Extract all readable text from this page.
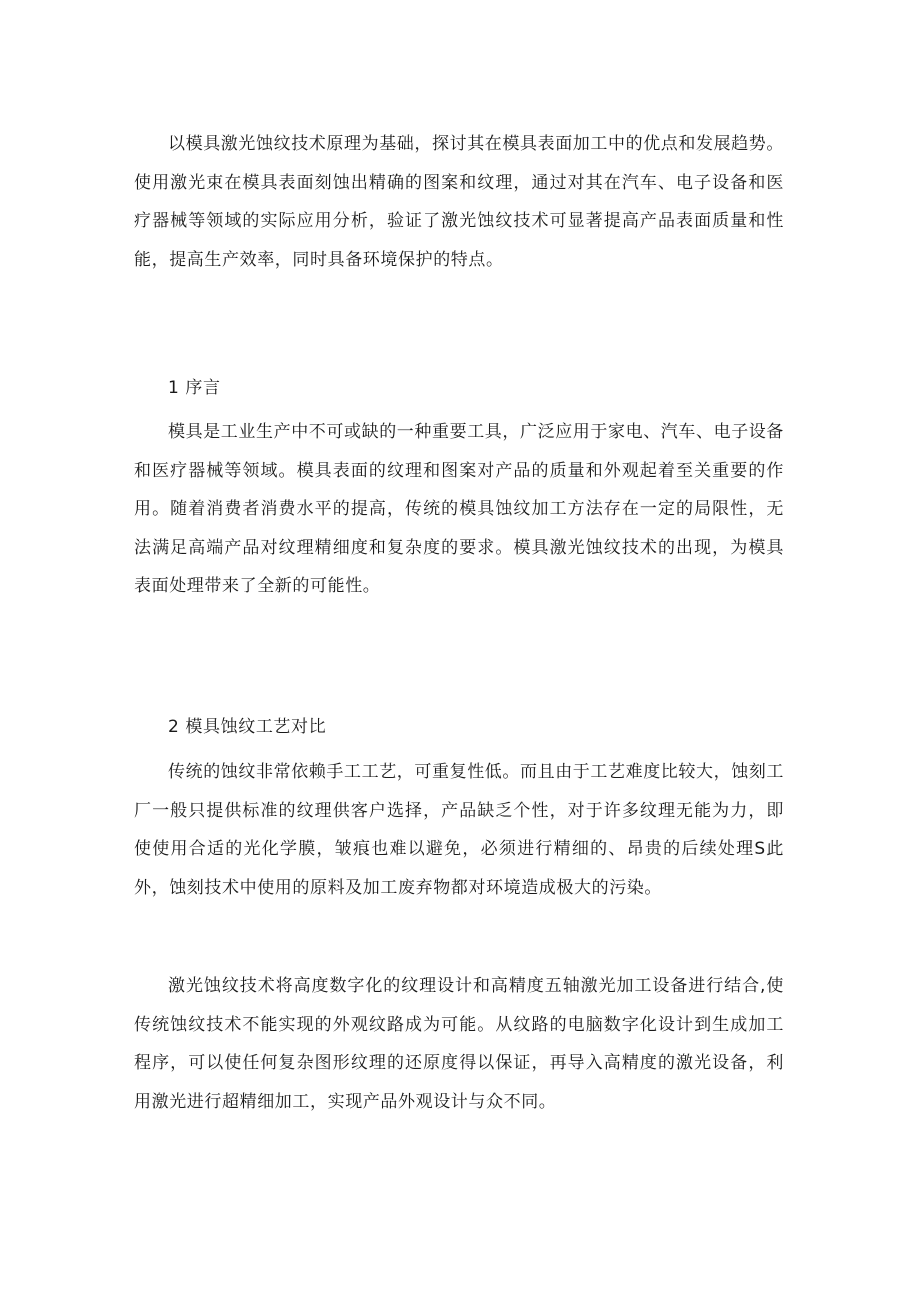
以模具激光蚀纹技术原理为基础，探讨其在模具表面加工中的优点和发展趋势。使用激光束在模具表面刻蚀出精确的图案和纹理，通过对其在汽车、电子设备和医疗器械等领域的实际应用分析，验证了激光蚀纹技术可显著提高产品表面质量和性能，提高生产效率，同时具备环境保护的特点。

1 序言

模具是工业生产中不可或缺的一种重要工具，广泛应用于家电、汽车、电子设备和医疗器械等领域。模具表面的纹理和图案对产品的质量和外观起着至关重要的作用。随着消费者消费水平的提高，传统的模具蚀纹加工方法存在一定的局限性，无法满足高端产品对纹理精细度和复杂度的要求。模具激光蚀纹技术的出现，为模具表面处理带来了全新的可能性。

2 模具蚀纹工艺对比

传统的蚀纹非常依赖手工工艺，可重复性低。而且由于工艺难度比较大，蚀刻工厂一般只提供标准的纹理供客户选择，产品缺乏个性，对于许多纹理无能为力，即使使用合适的光化学膜，皱痕也难以避免，必须进行精细的、昂贵的后续处理S此外，蚀刻技术中使用的原料及加工废弃物都对环境造成极大的污染。

激光蚀纹技术将高度数字化的纹理设计和高精度五轴激光加工设备进行结合,使传统蚀纹技术不能实现的外观纹路成为可能。从纹路的电脑数字化设计到生成加工程序，可以使任何复杂图形纹理的还原度得以保证，再导入高精度的激光设备，利用激光进行超精细加工，实现产品外观设计与众不同。
